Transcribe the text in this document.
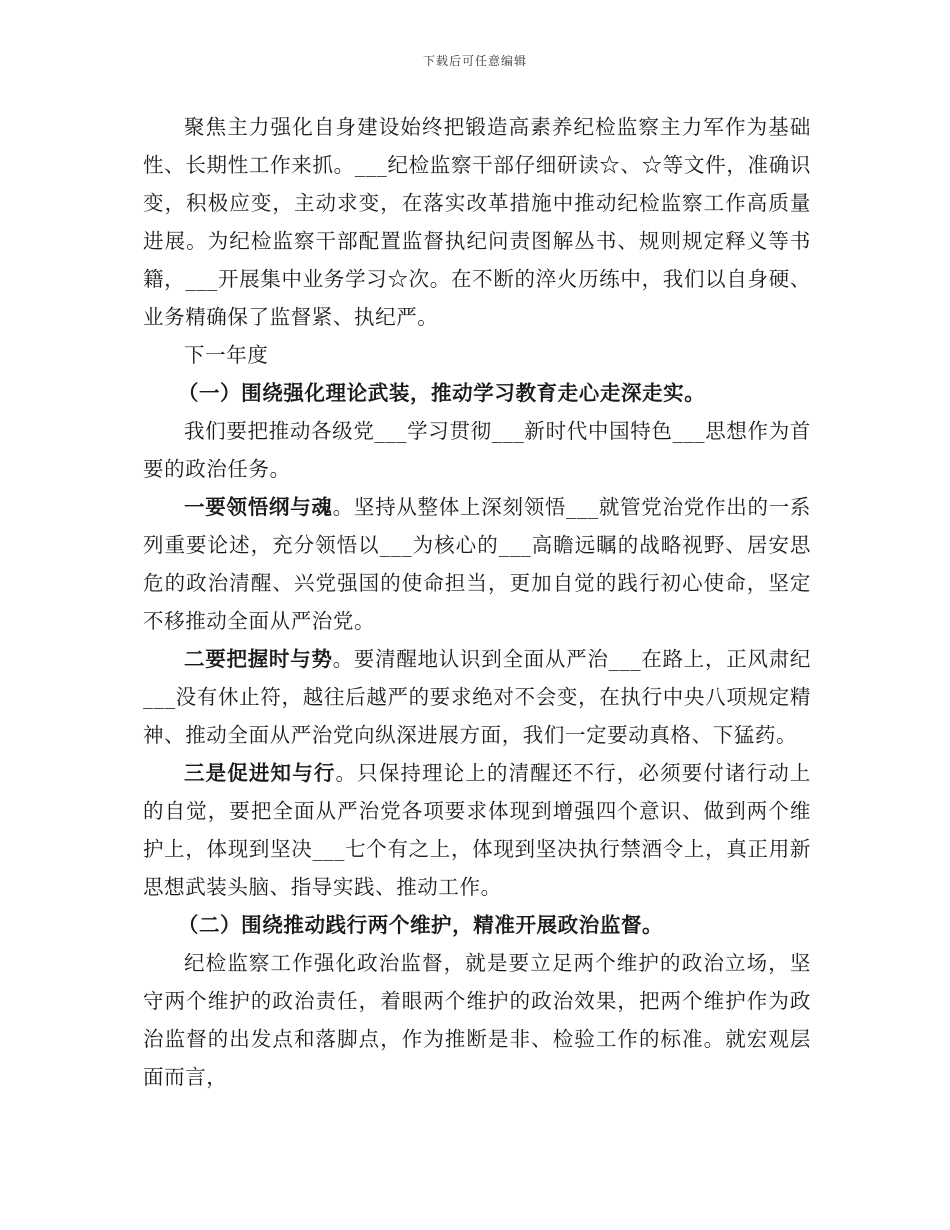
下载后可任意编辑

聚焦主力强化自身建设始终把锻造高素养纪检监察主力军作为基础性、长期性工作来抓。___纪检监察干部仔细研读☆、☆等文件，准确识变，积极应变，主动求变，在落实改革措施中推动纪检监察工作高质量进展。为纪检监察干部配置监督执纪问责图解丛书、规则规定释义等书籍，___开展集中业务学习☆次。在不断的淬火历练中，我们以自身硬、业务精确保了监督紧、执纪严。

下一年度

（一）围绕强化理论武装，推动学习教育走心走深走实。

我们要把推动各级党___学习贯彻___新时代中国特色___思想作为首要的政治任务。

一要领悟纲与魂。坚持从整体上深刻领悟___就管党治党作出的一系列重要论述，充分领悟以___为核心的___高瞻远瞩的战略视野、居安思危的政治清醒、兴党强国的使命担当，更加自觉的践行初心使命，坚定不移推动全面从严治党。

二要把握时与势。要清醒地认识到全面从严治___在路上，正风肃纪___没有休止符，越往后越严的要求绝对不会变，在执行中央八项规定精神、推动全面从严治党向纵深进展方面，我们一定要动真格、下猛药。

三是促进知与行。只保持理论上的清醒还不行，必须要付诸行动上的自觉，要把全面从严治党各项要求体现到增强四个意识、做到两个维护上，体现到坚决___七个有之上，体现到坚决执行禁酒令上，真正用新思想武装头脑、指导实践、推动工作。

（二）围绕推动践行两个维护，精准开展政治监督。

纪检监察工作强化政治监督，就是要立足两个维护的政治立场，坚守两个维护的政治责任，着眼两个维护的政治效果，把两个维护作为政治监督的出发点和落脚点，作为推断是非、检验工作的标准。就宏观层面而言，
